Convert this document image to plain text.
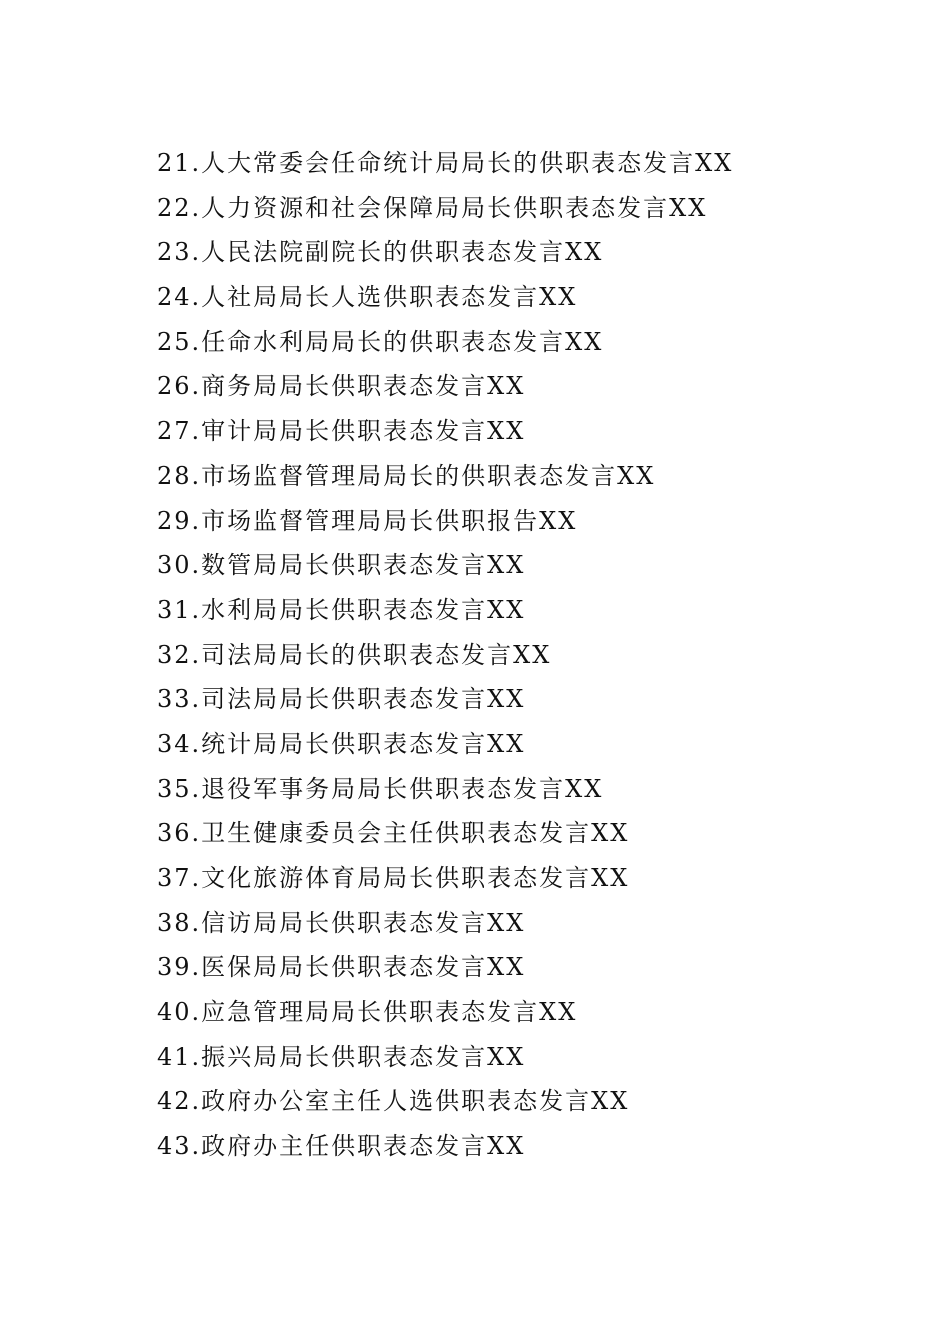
21.人大常委会任命统计局局长的供职表态发言XX
22.人力资源和社会保障局局长供职表态发言XX
23.人民法院副院长的供职表态发言XX
24.人社局局长人选供职表态发言XX
25.任命水利局局长的供职表态发言XX
26.商务局局长供职表态发言XX
27.审计局局长供职表态发言XX
28.市场监督管理局局长的供职表态发言XX
29.市场监督管理局局长供职报告XX
30.数管局局长供职表态发言XX
31.水利局局长供职表态发言XX
32.司法局局长的供职表态发言XX
33.司法局局长供职表态发言XX
34.统计局局长供职表态发言XX
35.退役军事务局局长供职表态发言XX
36.卫生健康委员会主任供职表态发言XX
37.文化旅游体育局局长供职表态发言XX
38.信访局局长供职表态发言XX
39.医保局局长供职表态发言XX
40.应急管理局局长供职表态发言XX
41.振兴局局长供职表态发言XX
42.政府办公室主任人选供职表态发言XX
43.政府办主任供职表态发言XX
